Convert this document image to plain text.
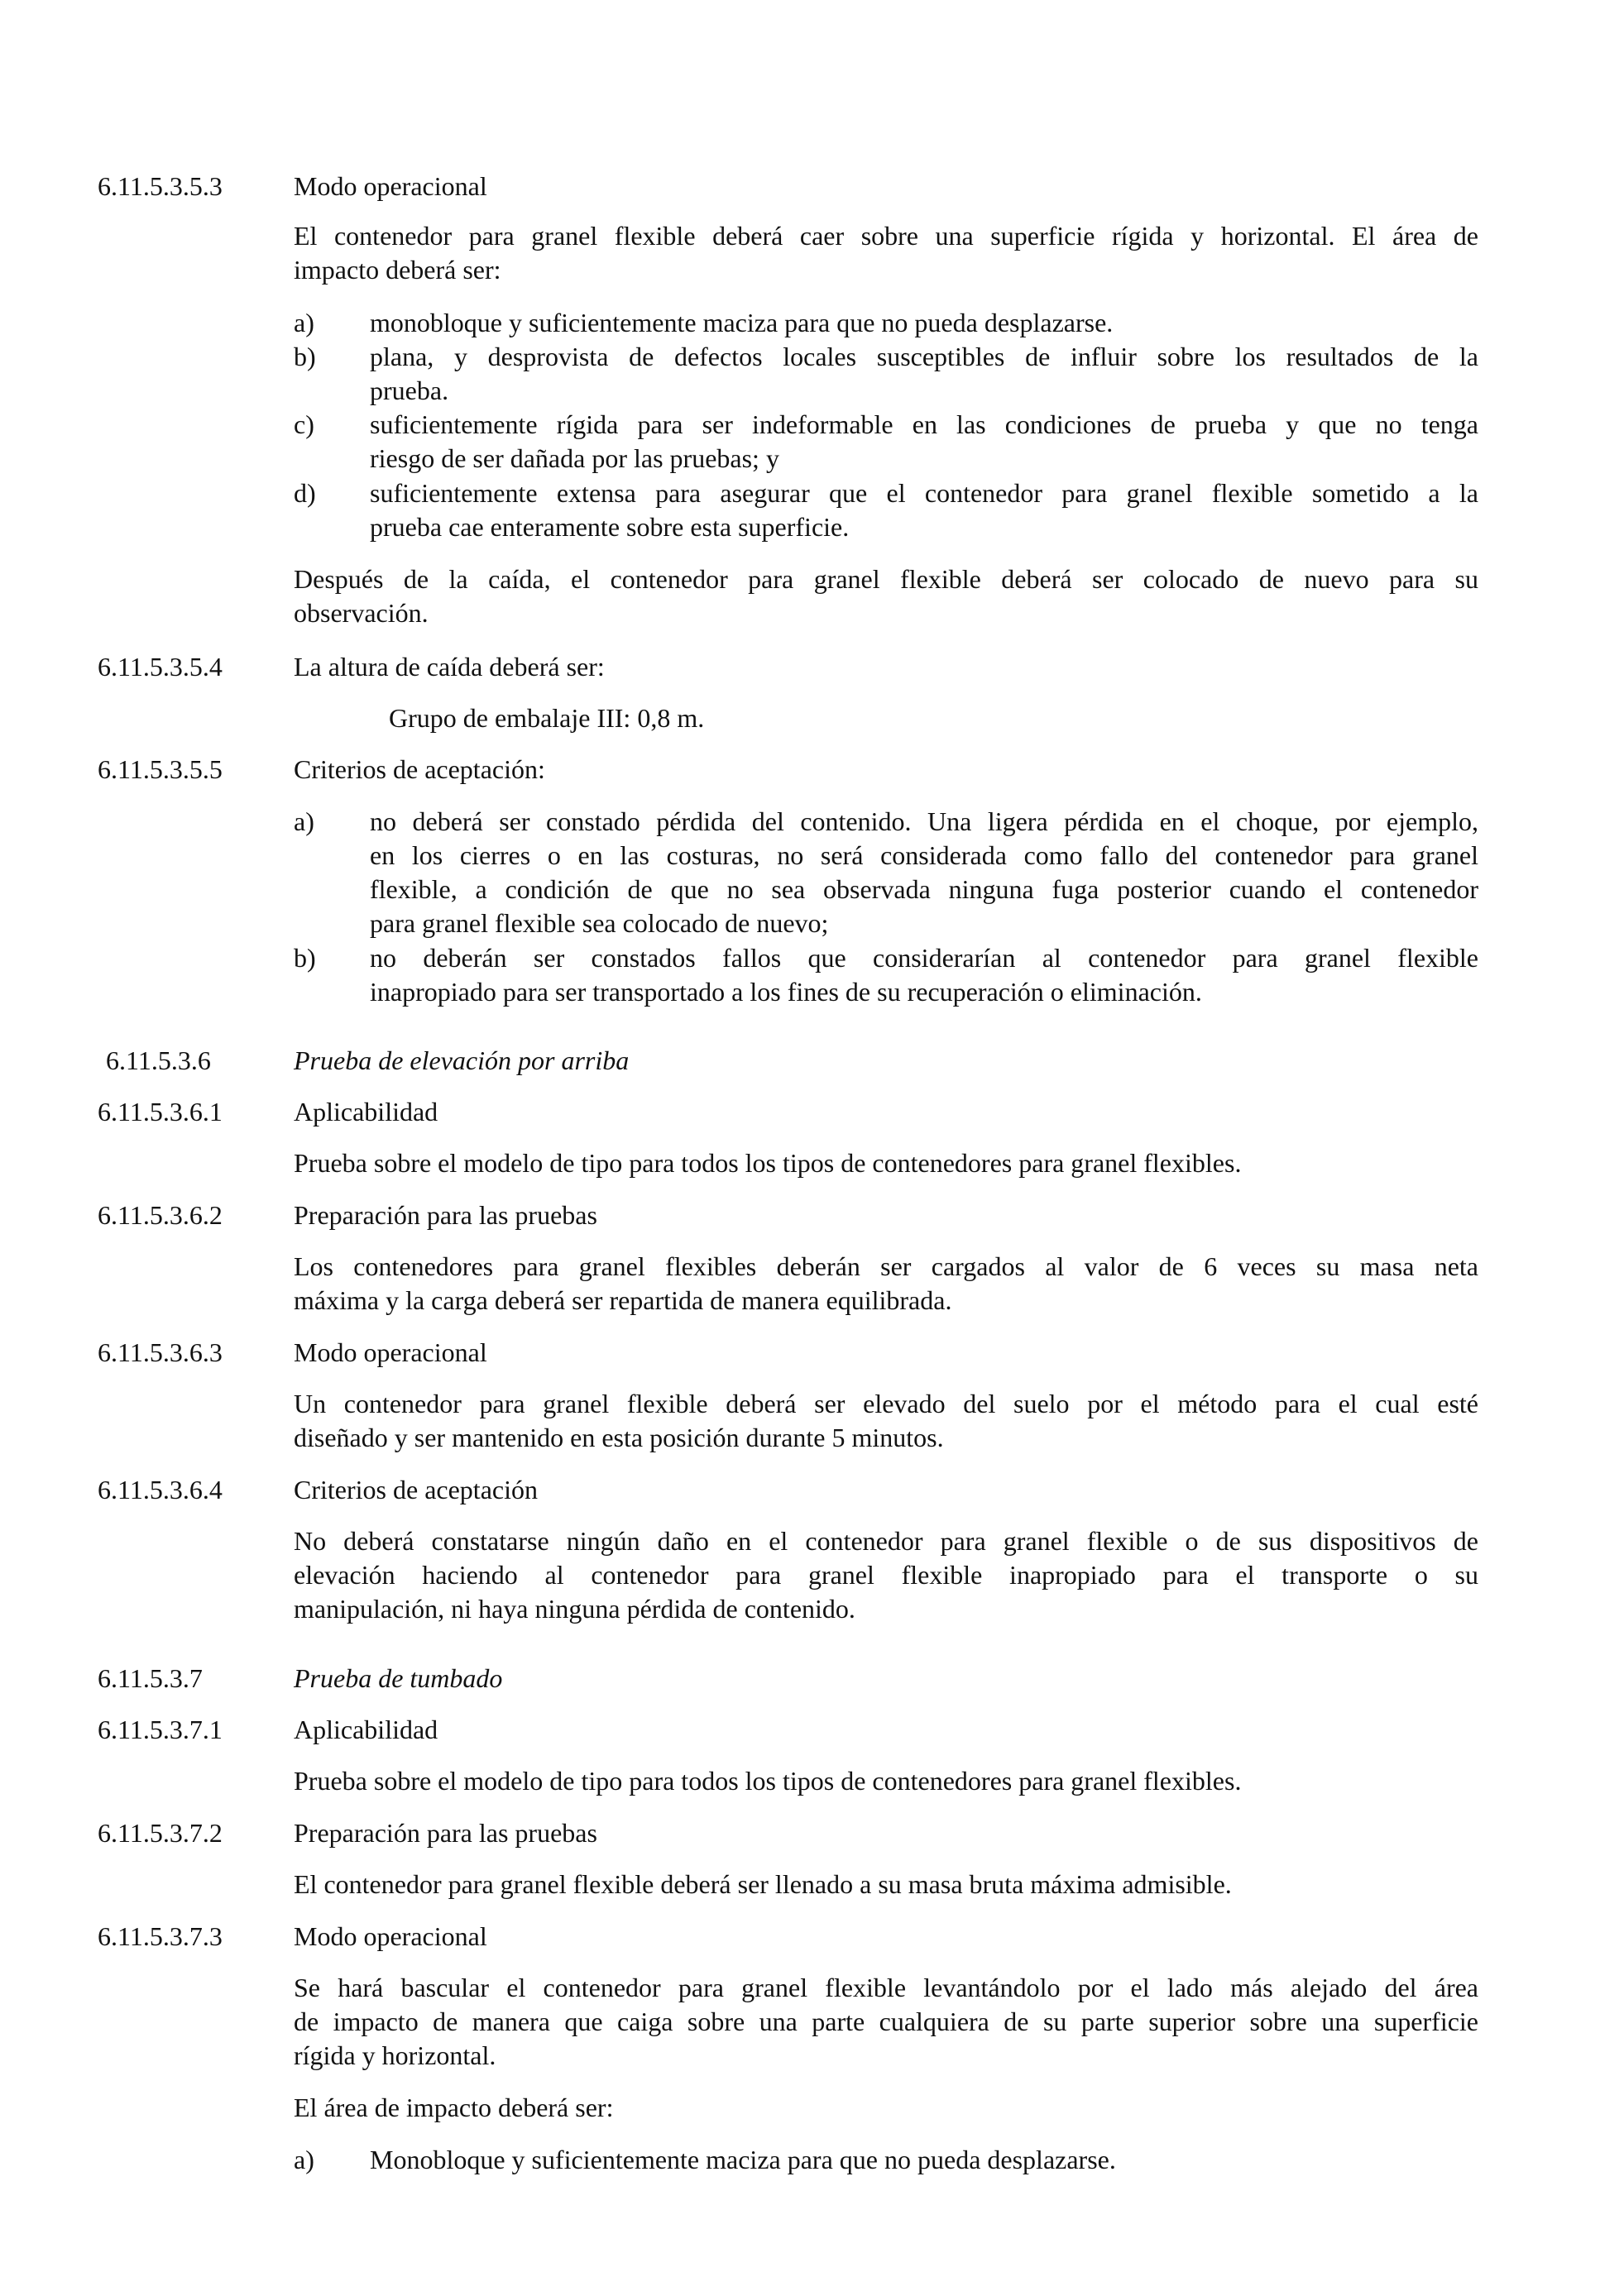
6.11.5.3.5.3	Modo operacional
El contenedor para granel flexible deberá caer sobre una superficie rígida y horizontal. El área de
impacto deberá ser:
a) monobloque y suficientemente maciza para que no pueda desplazarse.
b) plana, y desprovista de defectos locales susceptibles de influir sobre los resultados de la
prueba.
c) suficientemente rígida para ser indeformable en las condiciones de prueba y que no tenga
riesgo de ser dañada por las pruebas; y
d) suficientemente extensa para asegurar que el contenedor para granel flexible sometido a la
prueba cae enteramente sobre esta superficie.
Después de la caída, el contenedor para granel flexible deberá ser colocado de nuevo para su
observación.
6.11.5.3.5.4	La altura de caída deberá ser:
Grupo de embalaje III: 0,8 m.
6.11.5.3.5.5	Criterios de aceptación:
a) no deberá ser constado pérdida del contenido. Una ligera pérdida en el choque, por ejemplo,
en los cierres o en las costuras, no será considerada como fallo del contenedor para granel
flexible, a condición de que no sea observada ninguna fuga posterior cuando el contenedor
para granel flexible sea colocado de nuevo;
b) no deberán ser constados fallos que considerarían al contenedor para granel flexible
inapropiado para ser transportado a los fines de su recuperación o eliminación.
6.11.5.3.6	Prueba de elevación por arriba
6.11.5.3.6.1	Aplicabilidad
Prueba sobre el modelo de tipo para todos los tipos de contenedores para granel flexibles.
6.11.5.3.6.2	Preparación para las pruebas
Los contenedores para granel flexibles deberán ser cargados al valor de 6 veces su masa neta
máxima y la carga deberá ser repartida de manera equilibrada.
6.11.5.3.6.3	Modo operacional
Un contenedor para granel flexible deberá ser elevado del suelo por el método para el cual esté
diseñado y ser mantenido en esta posición durante 5 minutos.
6.11.5.3.6.4	Criterios de aceptación
No deberá constatarse ningún daño en el contenedor para granel flexible o de sus dispositivos de
elevación haciendo al contenedor para granel flexible inapropiado para el transporte o su
manipulación, ni haya ninguna pérdida de contenido.
6.11.5.3.7	Prueba de tumbado
6.11.5.3.7.1	Aplicabilidad
Prueba sobre el modelo de tipo para todos los tipos de contenedores para granel flexibles.
6.11.5.3.7.2	Preparación para las pruebas
El contenedor para granel flexible deberá ser llenado a su masa bruta máxima admisible.
6.11.5.3.7.3	Modo operacional
Se hará bascular el contenedor para granel flexible levantándolo por el lado más alejado del área
de impacto de manera que caiga sobre una parte cualquiera de su parte superior sobre una superficie
rígida y horizontal.
El área de impacto deberá ser:
a) Monobloque y suficientemente maciza para que no pueda desplazarse.
